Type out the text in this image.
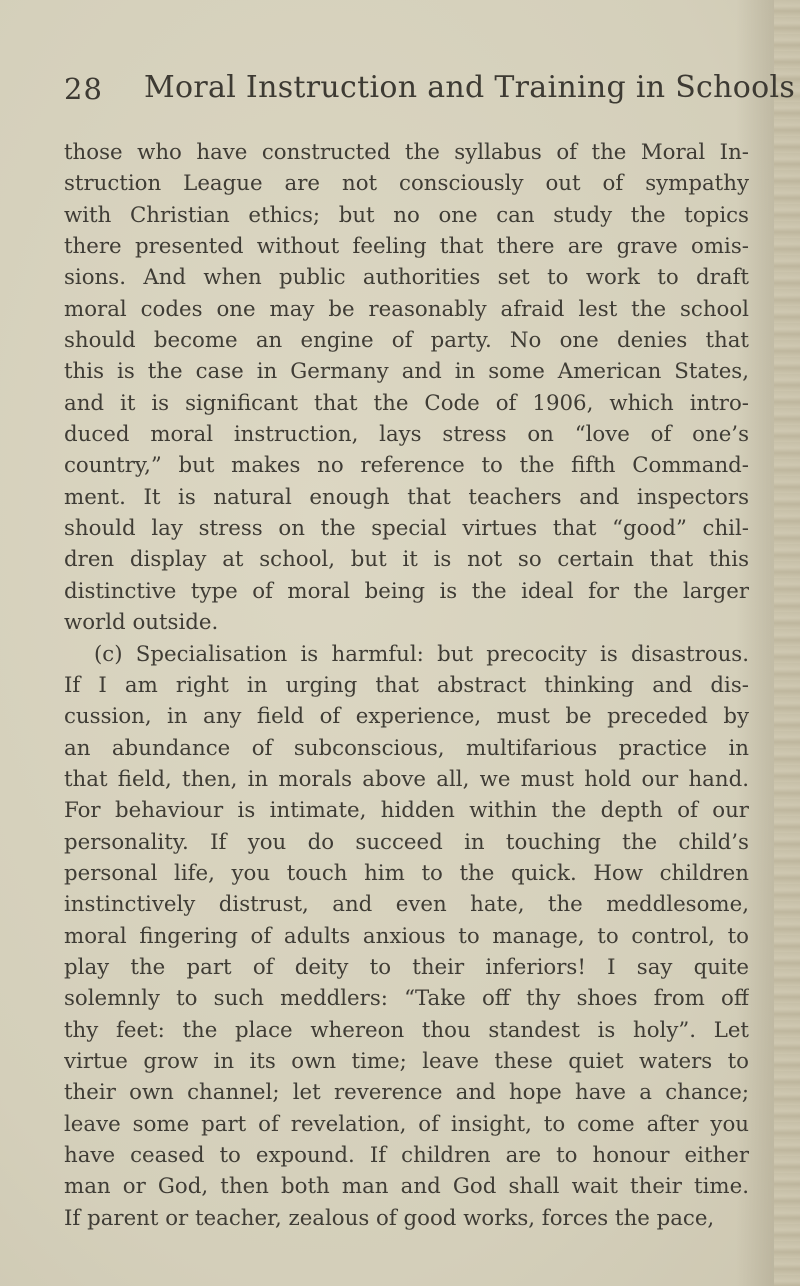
28 Moral Instruction and Training in Schools
those who have constructed the syllabus of the Moral In-
struction League are not consciously out of sympathy
with Christian ethics; but no one can study the topics
there presented without feeling that there are grave omis-
sions. And when public authorities set to work to draft
moral codes one may be reasonably afraid lest the school
should become an engine of party. No one denies that
this is the case in Germany and in some American States,
and it is significant that the Code of 1906, which intro-
duced moral instruction, lays stress on “love of one’s
country,” but makes no reference to the fifth Command-
ment. It is natural enough that teachers and inspectors
should lay stress on the special virtues that “good” chil-
dren display at school, but it is not so certain that this
distinctive type of moral being is the ideal for the larger
world outside.
(c) Specialisation is harmful: but precocity is disastrous.
If I am right in urging that abstract thinking and dis-
cussion, in any field of experience, must be preceded by
an abundance of subconscious, multifarious practice in
that field, then, in morals above all, we must hold our hand.
For behaviour is intimate, hidden within the depth of our
personality. If you do succeed in touching the child’s
personal life, you touch him to the quick. How children
instinctively distrust, and even hate, the meddlesome,
moral fingering of adults anxious to manage, to control, to
play the part of deity to their inferiors! I say quite
solemnly to such meddlers: “Take off thy shoes from off
thy feet: the place whereon thou standest is holy”. Let
virtue grow in its own time; leave these quiet waters to
their own channel; let reverence and hope have a chance;
leave some part of revelation, of insight, to come after you
have ceased to expound. If children are to honour either
man or God, then both man and God shall wait their time.
If parent or teacher, zealous of good works, forces the pace,
